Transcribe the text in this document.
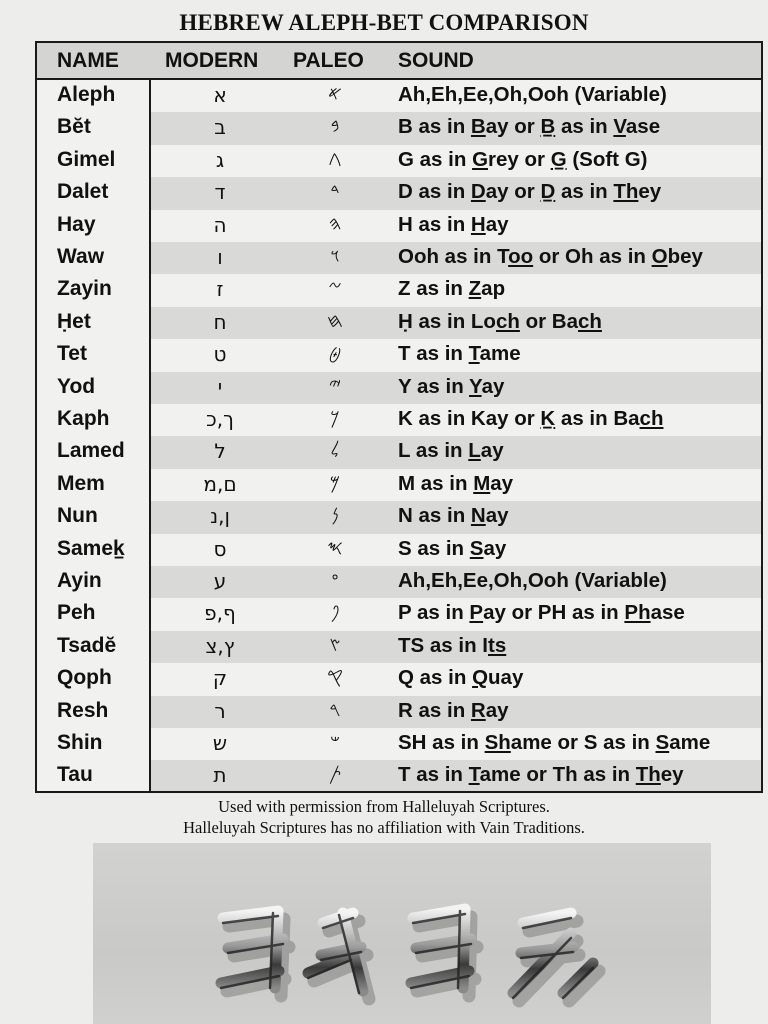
HEBREW ALEPH-BET COMPARISON
NAME MODERN PALEO SOUND
Aleph	א	𐤀	Ah,Eh,Ee,Oh,Ooh (Variable)
Bĕt	ב	𐤁	B as in Bay or B̠ as in Vase
Gimel	ג	𐤂	G as in Grey or G̠ (Soft G)
Dalet	ד	𐤃	D as in Day or D̠ as in They
Hay	ה	𐤄	H as in Hay
Waw	ו	𐤅	Ooh as in Too or Oh as in Obey
Zayin	ז	𐤆	Z as in Zap
Ḥet	ח	𐤇	Ḥ as in Loch or Bach
Tet	ט	𐤈	T as in Tame
Yod	י	𐤉	Y as in Yay
Kaph	ך,כ	𐤊	K as in Kay or K̠ as in Bach
Lamed	ל	𐤋	L as in Lay
Mem	ם,מ	𐤌	M as in May
Nun	ן,נ	𐤍	N as in Nay
Samek̠	ס	𐤎	S as in Say
Ayin	ע	𐤏	Ah,Eh,Ee,Oh,Ooh (Variable)
Peh	ף,פ	𐤐	P as in Pay or PH as in Phase
Tsadĕ	ץ,צ	𐤑	TS as in Its
Qoph	ק	𐤒	Q as in Quay
Resh	ר	𐤓	R as in Ray
Shin	ש	𐤔	SH as in Shame or S as in Same
Tau	ת	𐤕	T as in Tame or Th as in They
Used with permission from Halleluyah Scriptures.
Halleluyah Scriptures has no affiliation with Vain Traditions.
